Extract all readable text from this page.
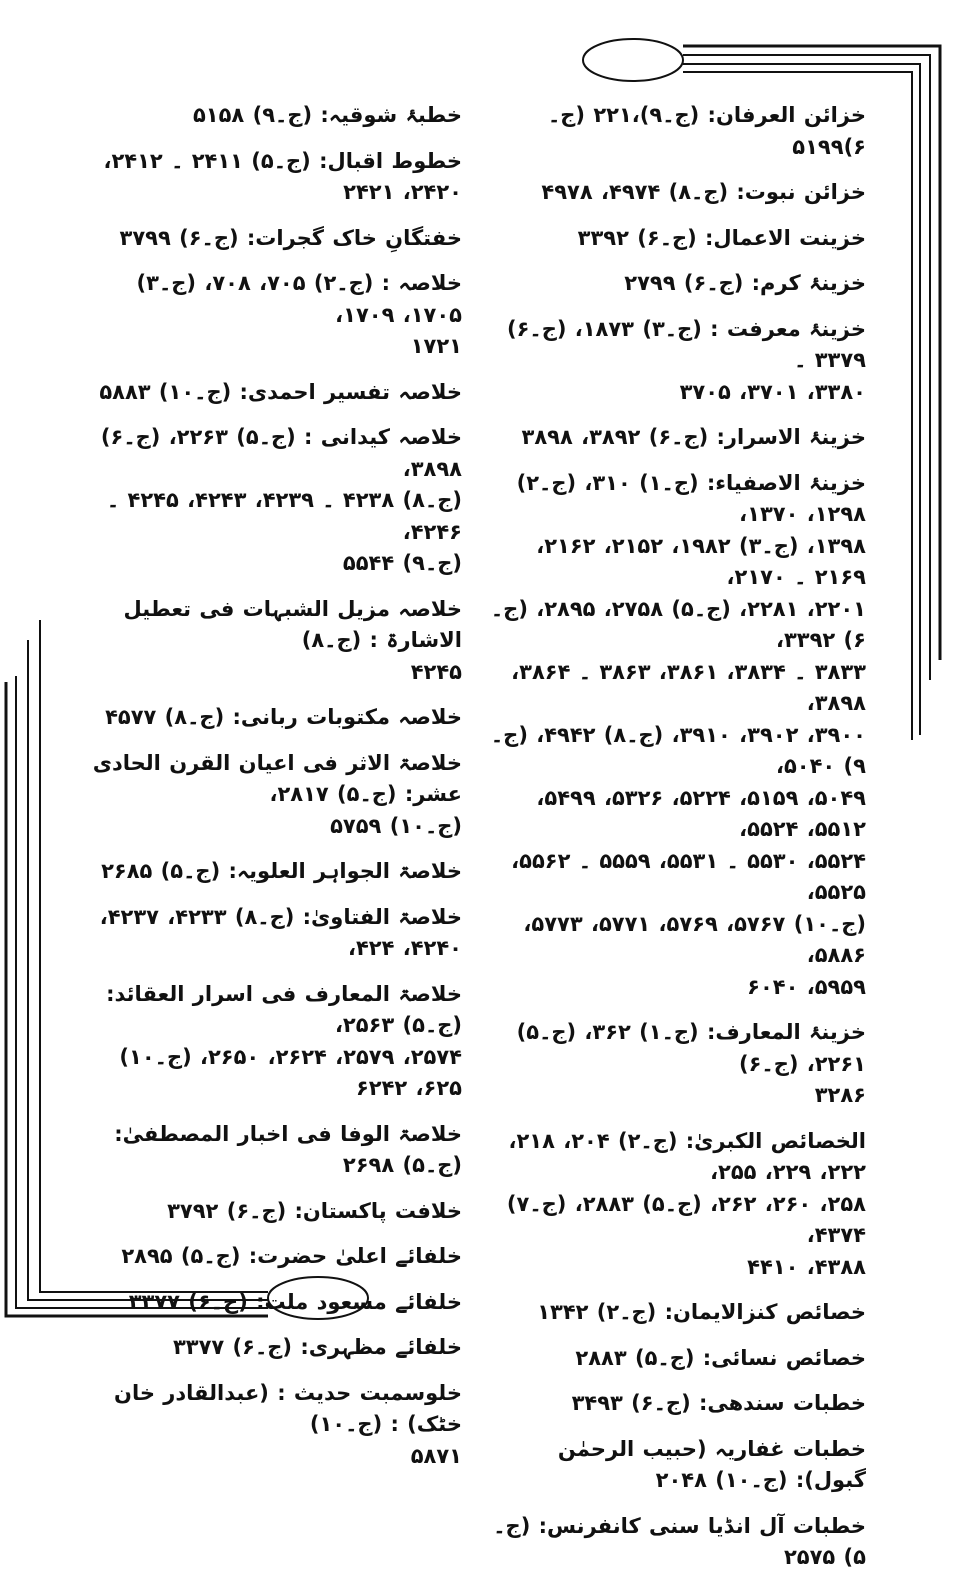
خزائن العرفان: (ج۔۹)،۲۲۱ (ج۔۶)۵۱۹۹
خزائن نبوت: (ج۔۸) ۴۹۷۴، ۴۹۷۸
خزینت الاعمال: (ج۔۶) ۳۳۹۲
خزینۂ کرم: (ج۔۶) ۲۷۹۹
خزینۂ معرفت : (ج۔۳) ۱۸۷۳، (ج۔۶) ۳۳۷۹ ۔
۳۳۸۰، ۳۷۰۱، ۳۷۰۵
خزینۂ الاسرار: (ج۔۶) ۳۸۹۲، ۳۸۹۸
خزینۂ الاصفیاء: (ج۔۱) ۳۱۰، (ج۔۲) ۱۲۹۸، ۱۳۷۰،
۱۳۹۸، (ج۔۳) ۱۹۸۲، ۲۱۵۲، ۲۱۶۲، ۲۱۶۹ ۔ ۲۱۷۰،
۲۲۰۱، ۲۲۸۱، (ج۔۵) ۲۷۵۸، ۲۸۹۵، (ج۔۶) ۳۳۹۲،
۳۸۳۳ ۔ ۳۸۳۴، ۳۸۶۱، ۳۸۶۳ ۔ ۳۸۶۴، ۳۸۹۸،
۳۹۰۰، ۳۹۰۲، ۳۹۱۰، (ج۔۸) ۴۹۴۲، (ج۔۹) ۵۰۴۰،
۵۰۴۹، ۵۱۵۹، ۵۲۲۴، ۵۳۲۶، ۵۴۹۹، ۵۵۱۲، ۵۵۲۴،
۵۵۲۴، ۵۵۳۰ ۔ ۵۵۳۱، ۵۵۵۹ ۔ ۵۵۶۲، ۵۵۲۵،
(ج۔۱۰) ۵۷۶۷، ۵۷۶۹، ۵۷۷۱، ۵۷۷۳، ۵۸۸۶،
۵۹۵۹، ۶۰۴۰
خزینۂ المعارف: (ج۔۱) ۳۶۲، (ج۔۵) ۲۲۶۱، (ج۔۶)
۳۲۸۶
الخصائص الکبریٰ: (ج۔۲) ۲۰۴، ۲۱۸، ۲۲۲، ۲۲۹، ۲۵۵،
۲۵۸، ۲۶۰، ۲۶۲، (ج۔۵) ۲۸۸۳، (ج۔۷) ۴۳۷۴،
۴۳۸۸، ۴۴۱۰
خصائص کنزالایمان: (ج۔۲) ۱۳۴۲
خصائص نسائی: (ج۔۵) ۲۸۸۳
خطبات سندھی: (ج۔۶) ۳۴۹۳
خطبات غفاریہ (حبیب الرحمٰن گبول): (ج۔۱۰) ۲۰۴۸
خطبات آل انڈیا سنی کانفرنس: (ج۔۵) ۲۵۷۵
خطبۂ شوقیہ: (ج۔۹) ۵۱۵۸
خطوط اقبال: (ج۔۵) ۲۴۱۱ ۔ ۲۴۱۲، ۲۴۲۰، ۲۴۲۱
خفتگانِ خاک گجرات: (ج۔۶) ۳۷۹۹
خلاصہ : (ج۔۲) ۷۰۵، ۷۰۸، (ج۔۳) ۱۷۰۵، ۱۷۰۹،
۱۷۲۱
خلاصہ تفسیر احمدی: (ج۔۱۰) ۵۸۸۳
خلاصہ کیدانی : (ج۔۵) ۲۲۶۳، (ج۔۶) ۳۸۹۸،
(ج۔۸) ۴۲۳۸ ۔ ۴۲۳۹، ۴۲۴۳، ۴۲۴۵ ۔ ۴۲۴۶،
(ج۔۹) ۵۵۴۴
خلاصہ مزیل الشبہات فی تعطیل الاشارۃ : (ج۔۸)
۴۲۴۵
خلاصہ مکتوبات ربانی: (ج۔۸) ۴۵۷۷
خلاصۃ الاثر فی اعیان القرن الحادی عشر: (ج۔۵) ۲۸۱۷،
(ج۔۱۰) ۵۷۵۹
خلاصۃ الجواہر العلویہ: (ج۔۵) ۲۶۸۵
خلاصۃ الفتاویٰ: (ج۔۸) ۴۲۳۳، ۴۲۳۷، ۴۲۴۰، ۴۲۴،
خلاصۃ المعارف فی اسرار العقائد: (ج۔۵) ۲۵۶۳،
۲۵۷۴، ۲۵۷۹، ۲۶۲۴، ۲۶۵۰، (ج۔۱۰) ۶۲۵، ۶۲۴۲
خلاصۃ الوفا فی اخبار المصطفیٰ: (ج۔۵) ۲۶۹۸
خلافت پاکستان: (ج۔۶) ۳۷۹۲
خلفائے اعلیٰ حضرت: (ج۔۵) ۲۸۹۵
خلفائے مسعود ملت: (ج۔۶) ۳۳۷۷
خلفائے مظہری: (ج۔۶) ۳۳۷۷
خلوسمبت حدیث : (عبدالقادر خان خٹک) : (ج۔۱۰)
۵۸۷۱
